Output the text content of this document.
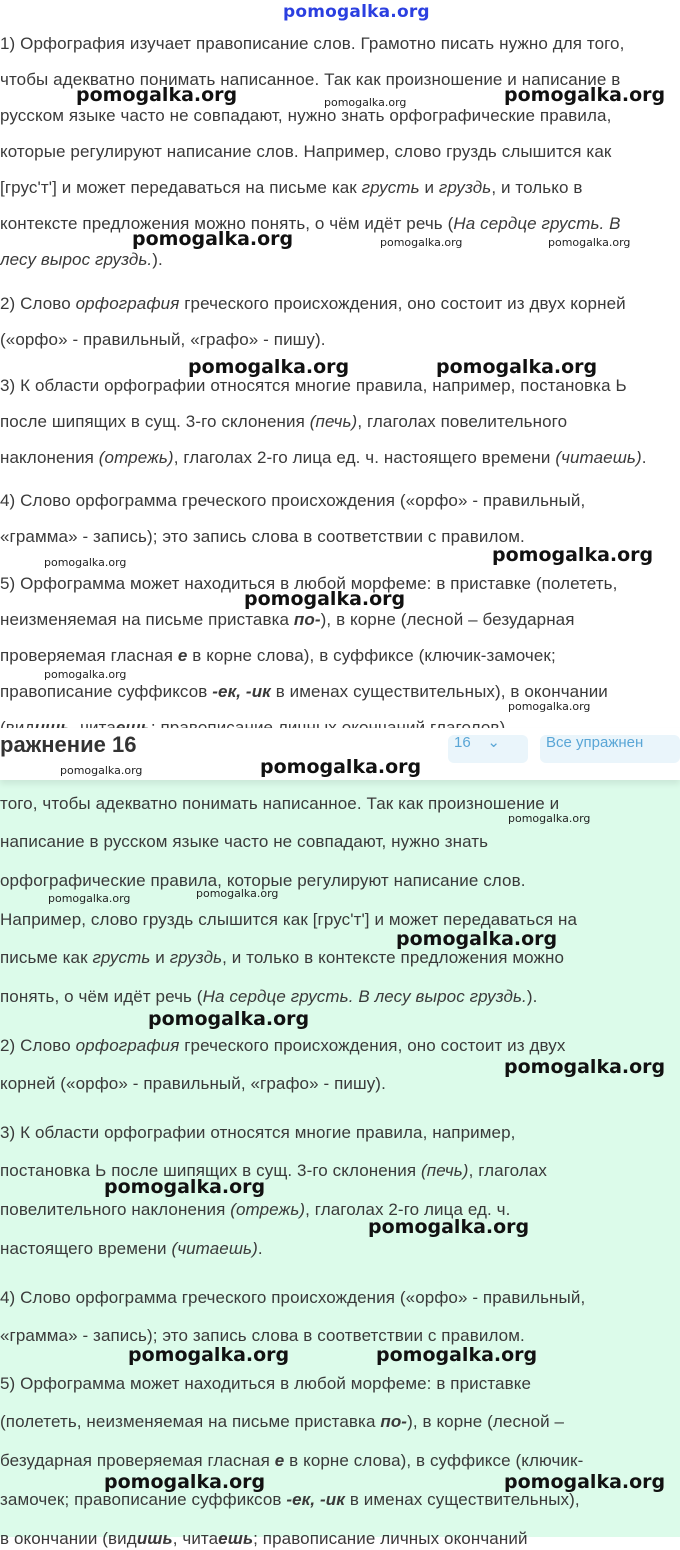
1) Орфография изучает правописание слов. Грамотно писать нужно для того,
чтобы адекватно понимать написанное. Так как произношение и написание в
русском языке часто не совпадают, нужно знать орфографические правила,
которые регулируют написание слов. Например, слово груздь слышится как
[грус'т'] и может передаваться на письме как грусть и груздь, и только в
контексте предложения можно понять, о чём идёт речь (На сердце грусть. В
лесу вырос груздь.).
2) Слово орфография греческого происхождения, оно состоит из двух корней
(«орфо» - правильный, «графо» - пишу).
3) К области орфографии относятся многие правила, например, постановка Ь
после шипящих в сущ. 3-го склонения (печь), глаголах повелительного
наклонения (отрежь), глаголах 2-го лица ед. ч. настоящего времени (читаешь).
4) Слово орфограмма греческого происхождения («орфо» - правильный,
«грамма» - запись); это запись слова в соответствии с правилом.
5) Орфограмма может находиться в любой морфеме: в приставке (полететь,
неизменяемая на письме приставка по-), в корне (лесной – безударная
проверяемая гласная е в корне слова), в суффиксе (ключик-замочек;
правописание суффиксов -ек, -ик в именах существительных), в окончании
того, чтобы адекватно понимать написанное. Так как произношение и
написание в русском языке часто не совпадают, нужно знать
орфографические правила, которые регулируют написание слов.
Например, слово груздь слышится как [грус'т'] и может передаваться на
письме как грусть и груздь, и только в контексте предложения можно
понять, о чём идёт речь (На сердце грусть. В лесу вырос груздь.).
2) Слово орфография греческого происхождения, оно состоит из двух
корней («орфо» - правильный, «графо» - пишу).
3) К области орфографии относятся многие правила, например,
постановка Ь после шипящих в сущ. 3-го склонения (печь), глаголах
повелительного наклонения (отрежь), глаголах 2-го лица ед. ч.
настоящего времени (читаешь).
4) Слово орфограмма греческого происхождения («орфо» - правильный,
«грамма» - запись); это запись слова в соответствии с правилом.
5) Орфограмма может находиться в любой морфеме: в приставке
(полететь, неизменяемая на письме приставка по-), в корне (лесной –
безударная проверяемая гласная е в корне слова), в суффиксе (ключик-
замочек; правописание суффиксов -ек, -ик в именах существительных),
в окончании (видишь, читаешь; правописание личных окончаний
ражнение 16	16    ⌄	Все упражнен
pomogalka.org
pomogalka.org	pomogalka.org
pomogalka.org
pomogalka.org	pomogalka.org	pomogalka.org
pomogalka.org	pomogalka.org
pomogalka.org
pomogalka.org
pomogalka.org
pomogalka.org
pomogalka.org
pomogalka.org	pomogalka.org
pomogalka.org
pomogalka.org	pomogalka.org
pomogalka.org
pomogalka.org
pomogalka.org
pomogalka.org
pomogalka.org
pomogalka.org	pomogalka.org
pomogalka.org	pomogalka.org
